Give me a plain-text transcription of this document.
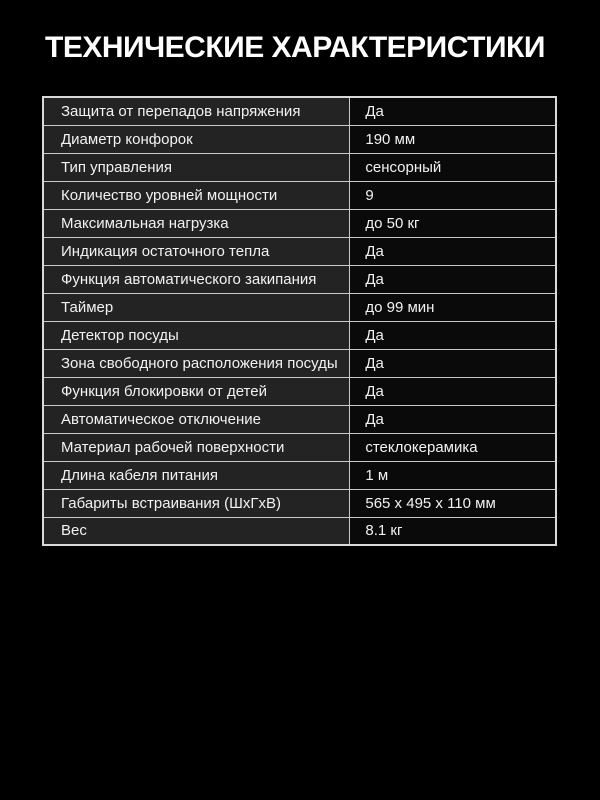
ТЕХНИЧЕСКИЕ ХАРАКТЕРИСТИКИ
Защита от перепадов напряжения	Да
Диаметр конфорок	190 мм
Тип управления	сенсорный
Количество уровней мощности	9
Максимальная нагрузка	до 50 кг
Индикация остаточного тепла	Да
Функция автоматического закипания	Да
Таймер	до 99 мин
Детектор посуды	Да
Зона свободного расположения посуды	Да
Функция блокировки от детей	Да
Автоматическое отключение	Да
Материал рабочей поверхности	стеклокерамика
Длина кабеля питания	1 м
Габариты встраивания (ШхГхВ)	565 x 495 x 110 мм
Вес	8.1 кг
